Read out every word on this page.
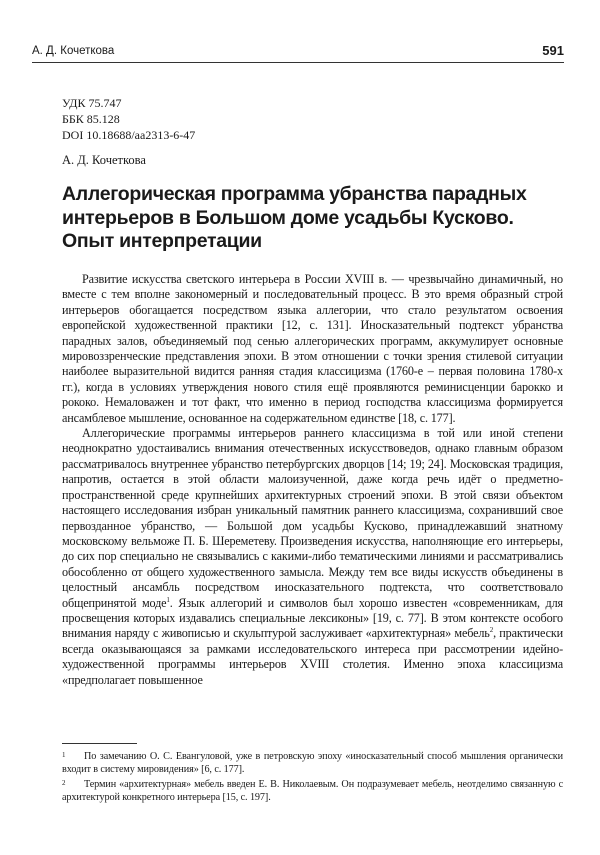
А. Д. Кочеткова	591
УДК 75.747
ББК 85.128
DOI 10.18688/aa2313-6-47
А. Д. Кочеткова
Аллегорическая программа убранства парадных интерьеров в Большом доме усадьбы Кусково. Опыт интерпретации

Развитие искусства светского интерьера в России XVIII в. — чрезвычайно динамичный, но вместе с тем вполне закономерный и последовательный процесс. В это время образный строй интерьеров обогащается посредством языка аллегории, что стало результатом освоения европейской художественной практики [12, с. 131]. Иносказательный подтекст убранства парадных залов, объединяемый под сенью аллегорических программ, аккумулирует основные мировоззренческие представления эпохи. В этом отношении с точки зрения стилевой ситуации наиболее выразительной видится ранняя стадия классицизма (1760-е – первая половина 1780-х гг.), когда в условиях утверждения нового стиля ещё проявляются реминисценции барокко и рококо. Немаловажен и тот факт, что именно в период господства классицизма формируется ансамблевое мышление, основанное на содержательном единстве [18, с. 177].

Аллегорические программы интерьеров раннего классицизма в той или иной степени неоднократно удостаивались внимания отечественных искусствоведов, однако главным образом рассматривалось внутреннее убранство петербургских дворцов [14; 19; 24]. Московская традиция, напротив, остается в этой области малоизученной, даже когда речь идёт о предметно-пространственной среде крупнейших архитектурных строений эпохи. В этой связи объектом настоящего исследования избран уникальный памятник раннего классицизма, сохранивший свое первозданное убранство, — Большой дом усадьбы Кусково, принадлежавший знатному московскому вельможе П. Б. Шереметеву. Произведения искусства, наполняющие его интерьеры, до сих пор специально не связывались с какими-либо тематическими линиями и рассматривались обособленно от общего художественного замысла. Между тем все виды искусств объединены в целостный ансамбль посредством иносказательного подтекста, что соответствовало общепринятой моде$^1$. Язык аллегорий и символов был хорошо известен «современникам, для просвещения которых издавались специальные лексиконы» [19, с. 77]. В этом контексте особого внимания наряду с живописью и скульптурой заслуживает «архитектурная» мебель$^2$, практически всегда оказывающаяся за рамками исследовательского интереса при рассмотрении идейно-художественной программы интерьеров XVIII столетия. Именно эпоха классицизма «предполагает повышенное

1	По замечанию О. С. Евангуловой, уже в петровскую эпоху «иносказательный способ мышления органически входит в систему мировидения» [6, с. 177].
2	Термин «архитектурная» мебель введен Е. В. Николаевым. Он подразумевает мебель, неотделимо связанную с архитектурой конкретного интерьера [15, с. 197].
